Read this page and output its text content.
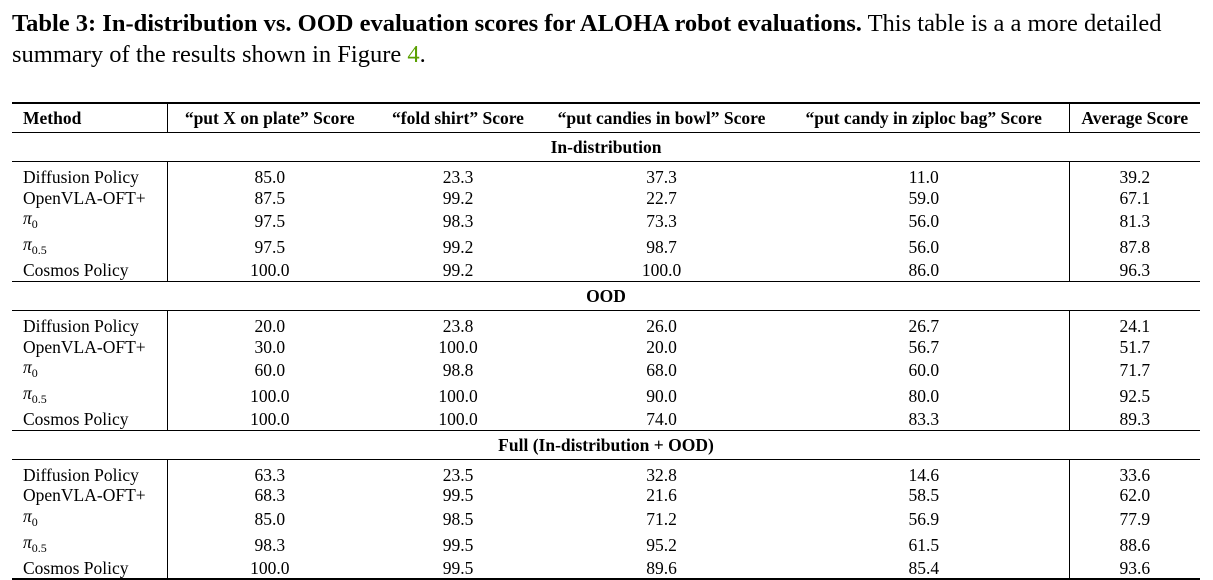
Table 3: In-distribution vs. OOD evaluation scores for ALOHA robot evaluations. This table is a a more detailed summary of the results shown in Figure 4.

Method	“put X on plate” Score	“fold shirt” Score	“put candies in bowl” Score	“put candy in ziploc bag” Score	Average Score
In-distribution					
Diffusion Policy	85.0	23.3	37.3	11.0	39.2
OpenVLA-OFT+	87.5	99.2	22.7	59.0	67.1
$\pi_0$	97.5	98.3	73.3	56.0	81.3
$\pi_{0.5}$	97.5	99.2	98.7	56.0	87.8
Cosmos Policy	100.0	99.2	100.0	86.0	96.3
OOD					
Diffusion Policy	20.0	23.8	26.0	26.7	24.1
OpenVLA-OFT+	30.0	100.0	20.0	56.7	51.7
$\pi_0$	60.0	98.8	68.0	60.0	71.7
$\pi_{0.5}$	100.0	100.0	90.0	80.0	92.5
Cosmos Policy	100.0	100.0	74.0	83.3	89.3
Full (In-distribution + OOD)					
Diffusion Policy	63.3	23.5	32.8	14.6	33.6
OpenVLA-OFT+	68.3	99.5	21.6	58.5	62.0
$\pi_0$	85.0	98.5	71.2	56.9	77.9
$\pi_{0.5}$	98.3	99.5	95.2	61.5	88.6
Cosmos Policy	100.0	99.5	89.6	85.4	93.6
